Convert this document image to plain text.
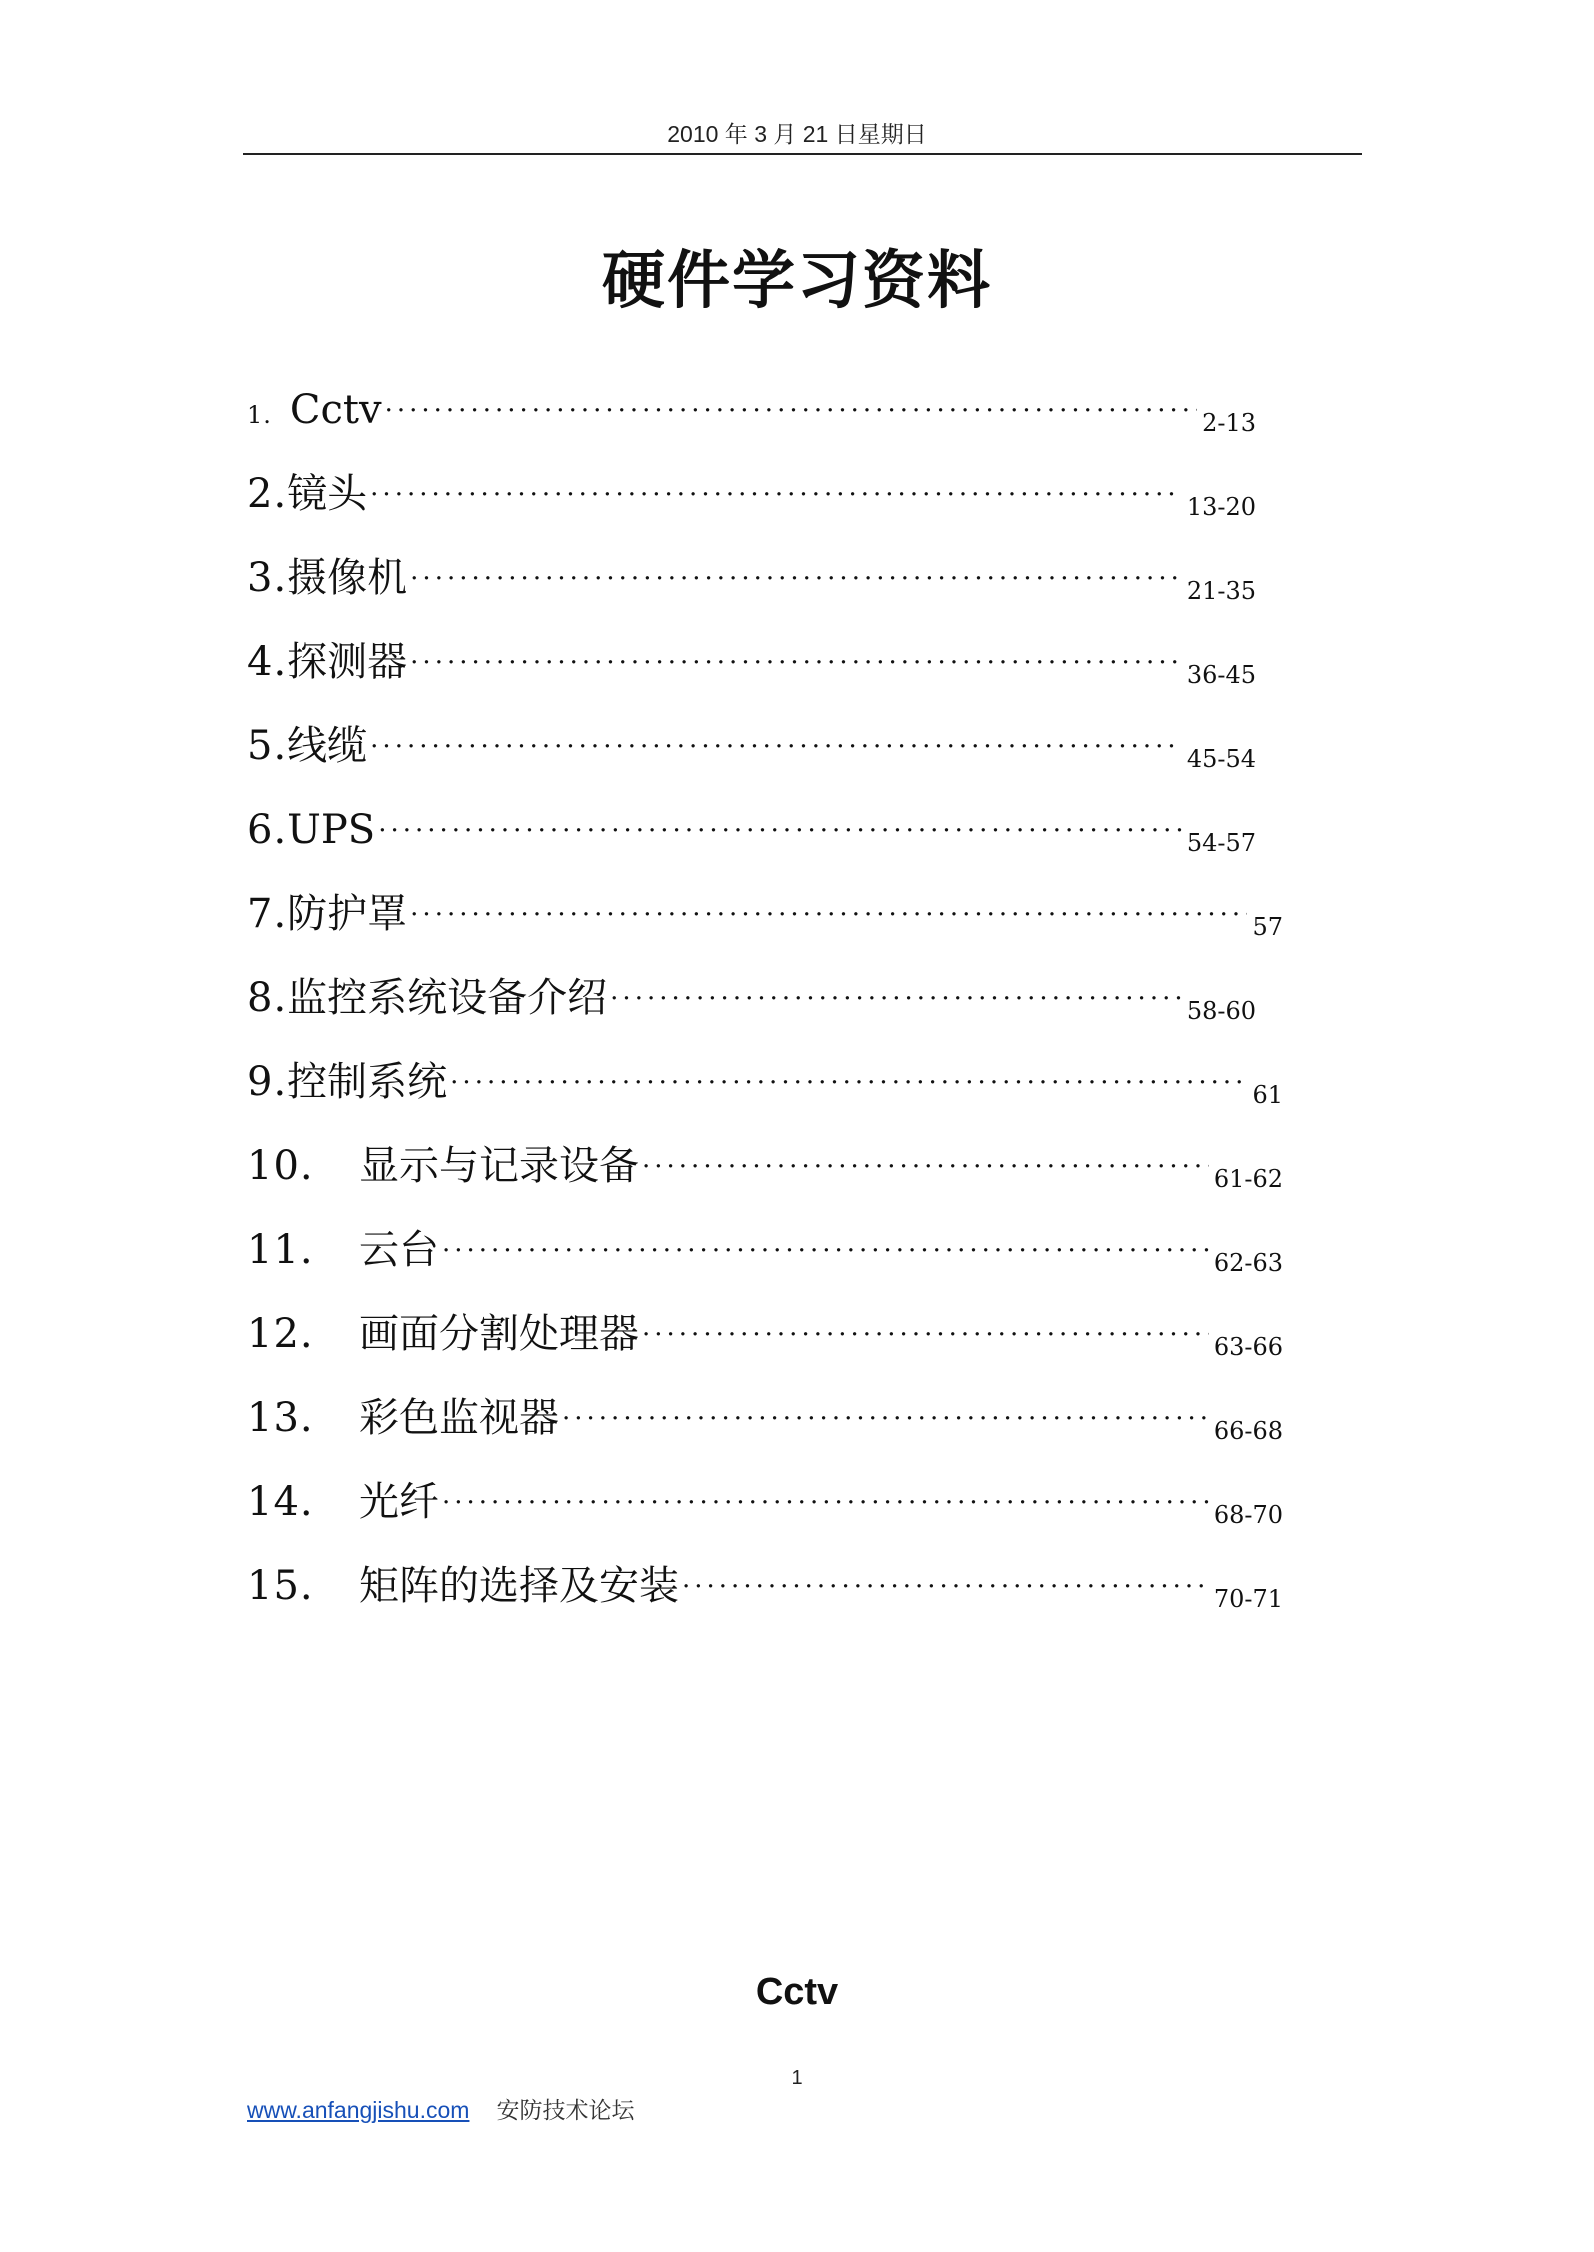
2010 年 3 月 21 日星期日
硬件学习资料
1. Cctv ·····	2-13
2. 镜头 ·····	13-20
3. 摄像机 ·····	21-35
4. 探测器 ·····	36-45
5. 线缆 ·····	45-54
6. UPS ·····	54-57
7. 防护罩 ·····	57
8. 监控系统设备介绍 ·····	58-60
9. 控制系统 ·····	61
10.	显示与记录设备 ·····	61-62
11.	云台 ·····	62-63
12.	画面分割处理器 ·····	63-66
13.	彩色监视器 ·····	66-68
14.	光纤 ·····	68-70
15.	矩阵的选择及安装 ·····	70-71
Cctv
1
www.anfangjishu.com 安防技术论坛
